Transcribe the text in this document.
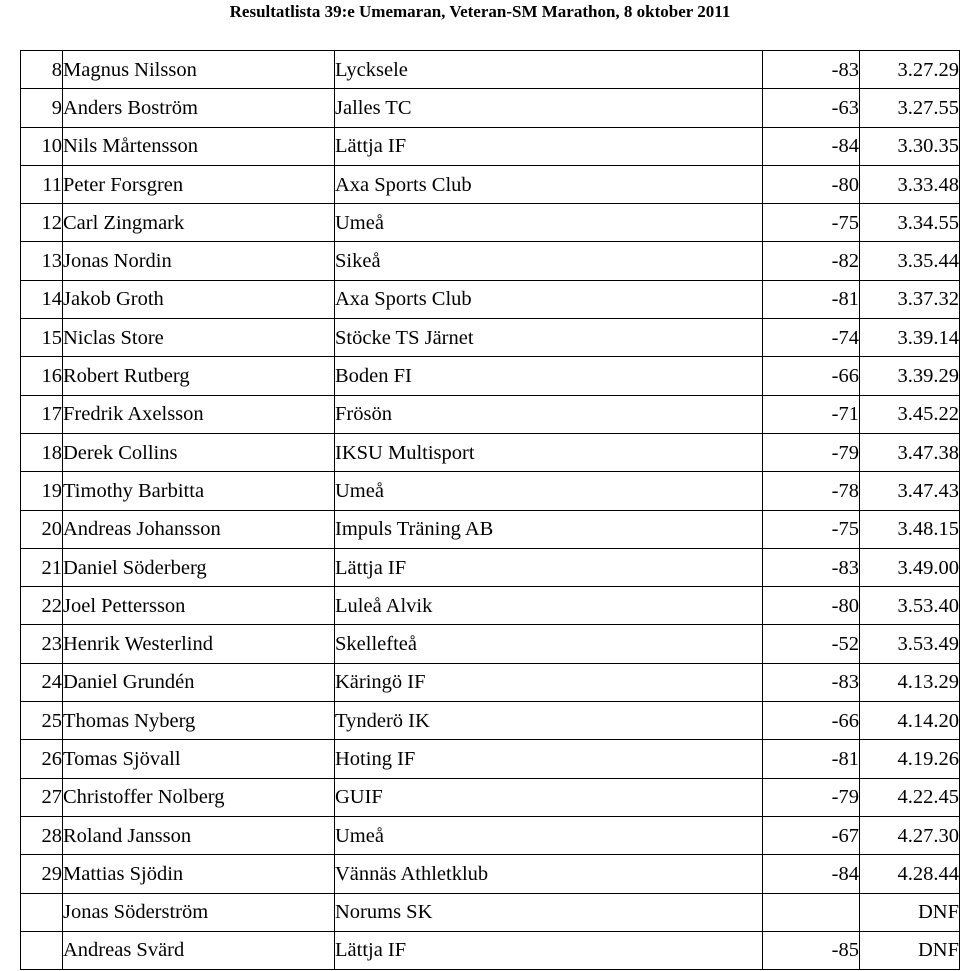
Resultatlista 39:e Umemaran, Veteran-SM Marathon, 8 oktober 2011
8	Magnus Nilsson	Lycksele	-83	3.27.29
9	Anders Boström	Jalles TC	-63	3.27.55
10	Nils Mårtensson	Lättja IF	-84	3.30.35
11	Peter Forsgren	Axa Sports Club	-80	3.33.48
12	Carl Zingmark	Umeå	-75	3.34.55
13	Jonas Nordin	Sikeå	-82	3.35.44
14	Jakob Groth	Axa Sports Club	-81	3.37.32
15	Niclas Store	Stöcke TS Järnet	-74	3.39.14
16	Robert Rutberg	Boden FI	-66	3.39.29
17	Fredrik Axelsson	Frösön	-71	3.45.22
18	Derek Collins	IKSU Multisport	-79	3.47.38
19	Timothy Barbitta	Umeå	-78	3.47.43
20	Andreas Johansson	Impuls Träning AB	-75	3.48.15
21	Daniel Söderberg	Lättja IF	-83	3.49.00
22	Joel Pettersson	Luleå Alvik	-80	3.53.40
23	Henrik Westerlind	Skellefteå	-52	3.53.49
24	Daniel Grundén	Käringö IF	-83	4.13.29
25	Thomas Nyberg	Tynderö IK	-66	4.14.20
26	Tomas Sjövall	Hoting IF	-81	4.19.26
27	Christoffer Nolberg	GUIF	-79	4.22.45
28	Roland Jansson	Umeå	-67	4.27.30
29	Mattias Sjödin	Vännäs Athletklub	-84	4.28.44
	Jonas Söderström	Norums SK		DNF
	Andreas Svärd	Lättja IF	-85	DNF
